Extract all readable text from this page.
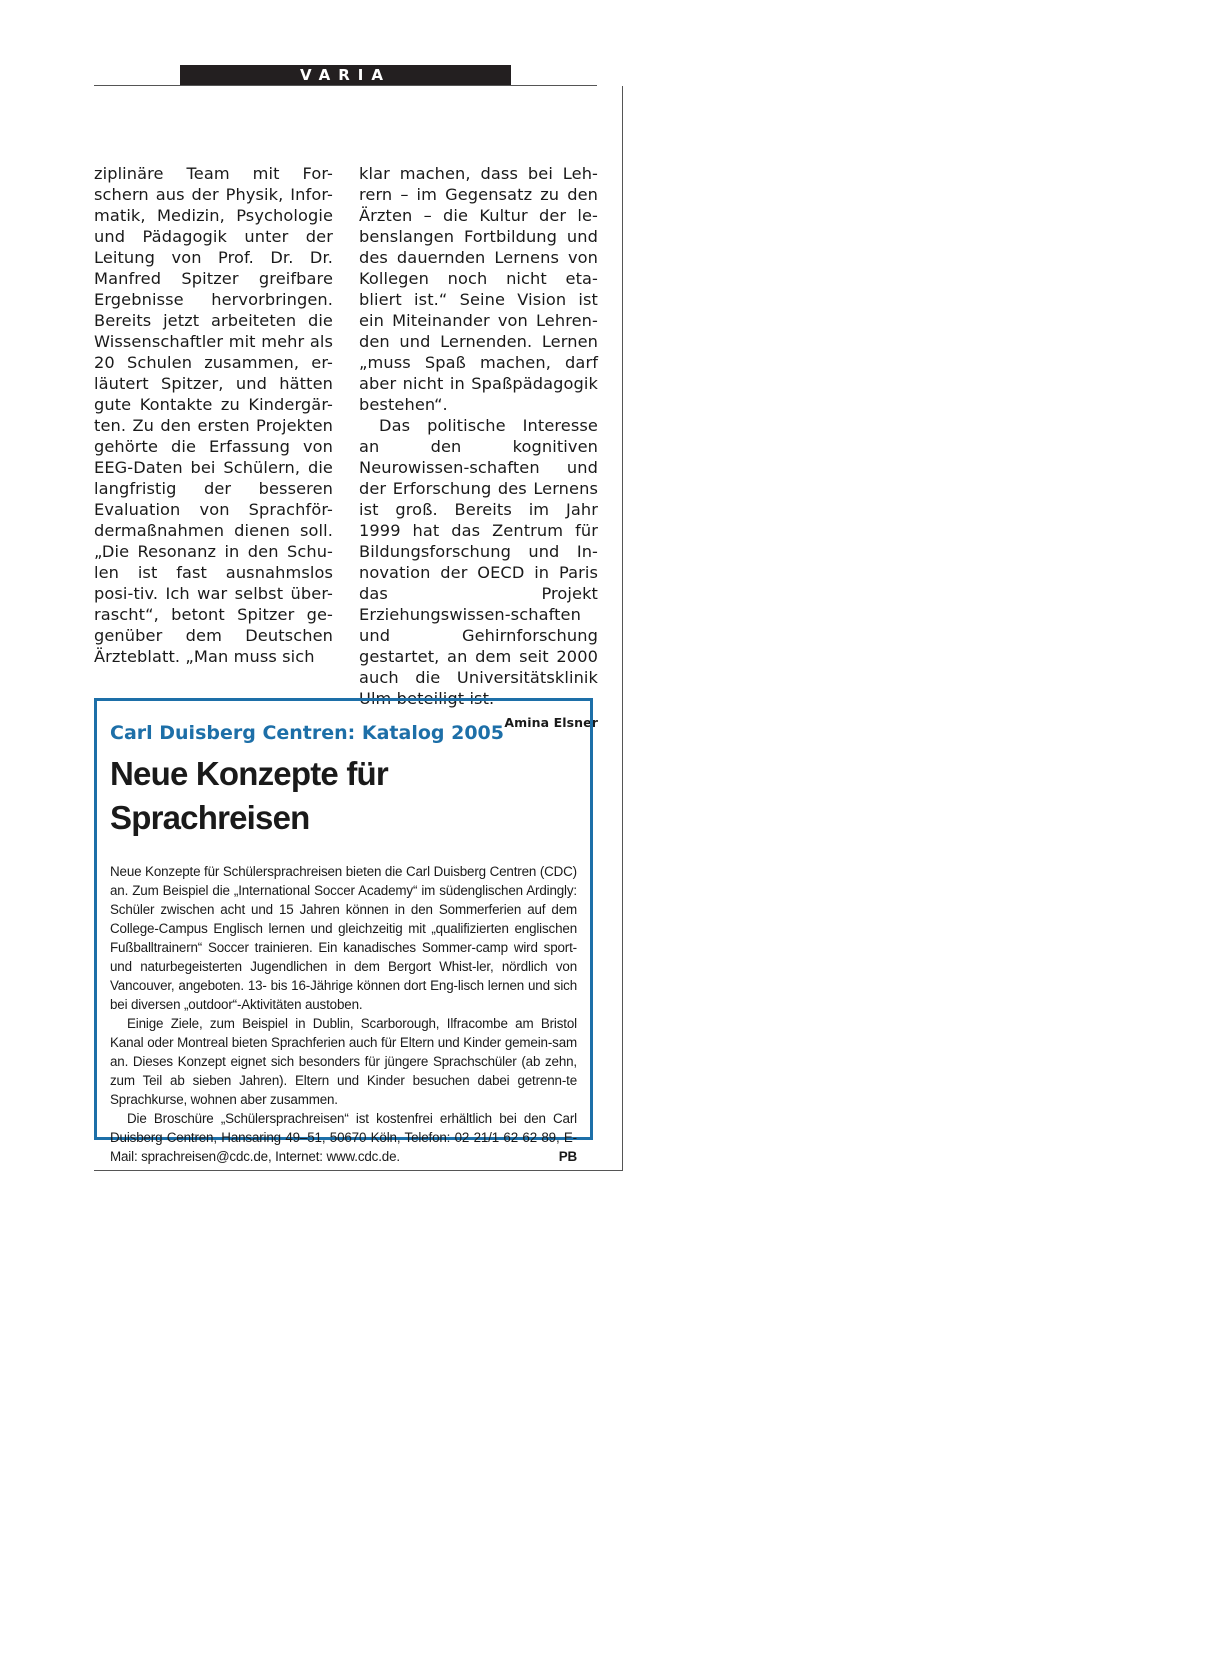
VARIA

ziplinäre Team mit For-schern aus der Physik, Infor-matik, Medizin, Psychologie und Pädagogik unter der Leitung von Prof. Dr. Dr. Manfred Spitzer greifbare Ergebnisse hervorbringen. Bereits jetzt arbeiteten die Wissenschaftler mit mehr als 20 Schulen zusammen, er-läutert Spitzer, und hätten gute Kontakte zu Kindergär-ten. Zu den ersten Projekten gehörte die Erfassung von EEG-Daten bei Schülern, die langfristig der besseren Evaluation von Sprachför-dermaßnahmen dienen soll. „Die Resonanz in den Schu-len ist fast ausnahmslos posi-tiv. Ich war selbst über-rascht“, betont Spitzer ge-genüber dem Deutschen Ärzteblatt. „Man muss sich

klar machen, dass bei Leh-rern – im Gegensatz zu den Ärzten – die Kultur der le-benslangen Fortbildung und des dauernden Lernens von Kollegen noch nicht eta-bliert ist.“ Seine Vision ist ein Miteinander von Lehren-den und Lernenden. Lernen „muss Spaß machen, darf aber nicht in Spaßpädagogik bestehen“.

Das politische Interesse an den kognitiven Neurowissen-schaften und der Erforschung des Lernens ist groß. Bereits im Jahr 1999 hat das Zentrum für Bildungsforschung und In-novation der OECD in Paris das Projekt Erziehungswissen-schaften und Gehirnforschung gestartet, an dem seit 2000 auch die Universitätsklinik Ulm beteiligt ist.
Amina Elsner

Carl Duisberg Centren: Katalog 2005
Neue Konzepte für Sprachreisen

Neue Konzepte für Schülersprachreisen bieten die Carl Duisberg Centren (CDC) an. Zum Beispiel die „International Soccer Academy“ im südenglischen Ardingly: Schüler zwischen acht und 15 Jahren können in den Sommerferien auf dem College-Campus Englisch lernen und gleichzeitig mit „qualifizierten englischen Fußballtrainern“ Soccer trainieren. Ein kanadisches Sommer-camp wird sport- und naturbegeisterten Jugendlichen in dem Bergort Whist-ler, nördlich von Vancouver, angeboten. 13- bis 16-Jährige können dort Eng-lisch lernen und sich bei diversen „outdoor“-Aktivitäten austoben.

Einige Ziele, zum Beispiel in Dublin, Scarborough, Ilfracombe am Bristol Kanal oder Montreal bieten Sprachferien auch für Eltern und Kinder gemein-sam an. Dieses Konzept eignet sich besonders für jüngere Sprachschüler (ab zehn, zum Teil ab sieben Jahren). Eltern und Kinder besuchen dabei getrenn-te Sprachkurse, wohnen aber zusammen.

Die Broschüre „Schülersprachreisen“ ist kostenfrei erhältlich bei den Carl Duisberg Centren, Hansaring 49–51, 50670 Köln, Telefon: 02 21/1 62 62 89, E-Mail: sprachreisen@cdc.de, Internet: www.cdc.de.	PB
